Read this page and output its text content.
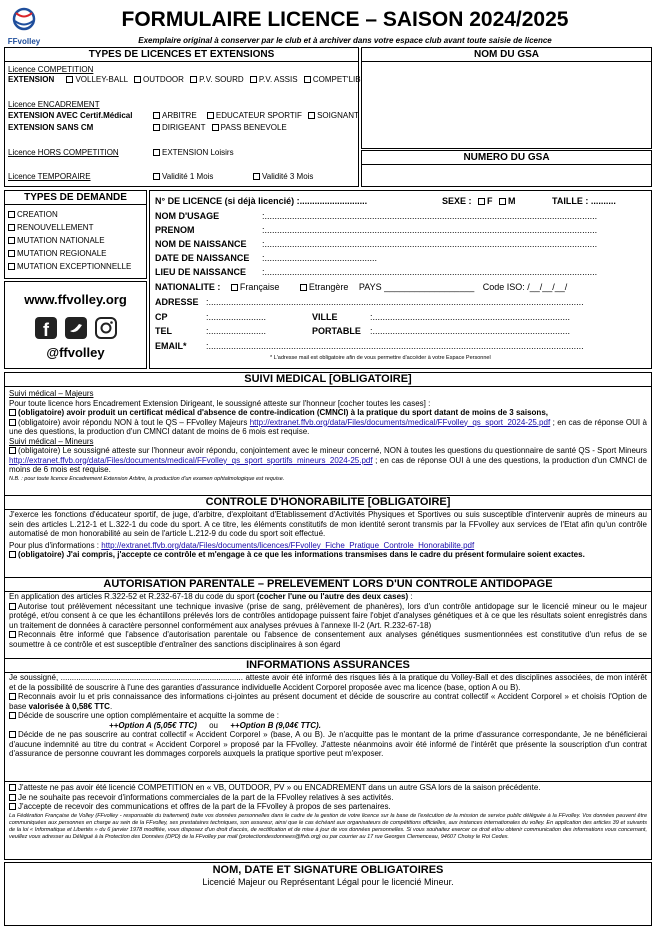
FFvolley
FORMULAIRE LICENCE – SAISON 2024/2025
Exemplaire original à conserver par le club et à archiver dans votre espace club avant toute saisie de licence
TYPES DE LICENCES ET EXTENSIONS
Licence COMPETITION
EXTENSION	VOLLEY-BALL OUTDOOR P.V. SOURD P.V. ASSIS COMPET'LIB
Licence ENCADREMENT
EXTENSION AVEC Certif.Médical	ARBITRE EDUCATEUR SPORTIF SOIGNANT
EXTENSION SANS CM	DIRIGEANT PASS BENEVOLE
Licence HORS COMPETITION	EXTENSION Loisirs
Licence TEMPORAIRE	Validité 1 Mois	Validité 3 Mois
NOM DU GSA
NUMERO DU GSA
TYPES DE DEMANDE
CREATION
RENOUVELLEMENT
MUTATION NATIONALE
MUTATION REGIONALE
MUTATION EXCEPTIONNELLE
www.ffvolley.org
f
@ffvolley
N° DE LICENCE (si déjà licencié) :...........................	SEXE : F M	TAILLE : ..........
NOM D'USAGE	:.....................................................................................................................................
PRENOM	:.....................................................................................................................................
NOM DE NAISSANCE :.....................................................................................................................................
DATE DE NAISSANCE :.............................................
LIEU DE NAISSANCE :.....................................................................................................................................
NATIONALITE : Française	Etrangère PAYS __________________ Code ISO: /__/__/__/
ADRESSE :......................................................................................................................................................
CP	:.......................	VILLE	:...............................................................................
TEL	:.......................	PORTABLE :...............................................................................
EMAIL* :......................................................................................................................................................
* L'adresse mail est obligatoire afin de vous permettre d'accéder à votre Espace Personnel
SUIVI MEDICAL [OBLIGATOIRE]
Suivi médical – Majeurs
Pour toute licence hors Encadrement Extension Dirigeant, le soussigné atteste sur l'honneur [cocher toutes les cases] :
(obligatoire) avoir produit un certificat médical d'absence de contre-indication (CMNCI) à la pratique du sport datant de moins de 3 saisons,
(obligatoire) avoir répondu NON à tout le QS – FFvolley Majeurs http://extranet.ffvb.org/data/Files/documents/medical/FFvolley_qs_sport_2024-25.pdf ; en cas de réponse OUI à une des questions, la production d'un CMNCI datant de moins de 6 mois est requise.
Suivi médical – Mineurs
(obligatoire) Le soussigné atteste sur l'honneur avoir répondu, conjointement avec le mineur concerné, NON à toutes les questions du questionnaire de santé QS - Sport Mineurs http://extranet.ffvb.org/data/Files/documents/medical/FFvolley_qs_sport_sportifs_mineurs_2024-25.pdf ; en cas de réponse OUI à une des questions, la production d'un CMNCI de moins de 6 mois est requise.
N.B. : pour toute licence Encadrement Extension Arbitre, la production d'un examen ophtalmologique est requise.
CONTROLE D'HONORABILITE [OBLIGATOIRE]
J'exerce les fonctions d'éducateur sportif, de juge, d'arbitre, d'exploitant d'Etablissement d'Activités Physiques et Sportives ou suis susceptible d'intervenir auprès de mineurs au sein des articles L.212-1 et L.322-1 du code du sport. A ce titre, les éléments constitutifs de mon identité seront transmis par la FFvolley aux services de l'Etat afin qu'un contrôle automatisé de mon honorabilité au sein de l'article L.212-9 du code du sport soit effectué.
Pour plus d'informations : http://extranet.ffvb.org/data/Files/documents/licences/FFvolley_Fiche_Pratique_Controle_Honorabilite.pdf
(obligatoire) J'ai compris, j'accepte ce contrôle et m'engage à ce que les informations transmises dans le cadre du présent formulaire soient exactes.
AUTORISATION PARENTALE – PRELEVEMENT LORS D'UN CONTROLE ANTIDOPAGE
En application des articles R.322-52 et R.232-67-18 du code du sport (cocher l'une ou l'autre des deux cases) :
Autorise tout prélèvement nécessitant une technique invasive (prise de sang, prélèvement de phanères), lors d'un contrôle antidopage sur le licencié mineur ou le majeur protégé, et/ou consent à ce que les échantillons prélevés lors de contrôles antidopage puissent faire l'objet d'analyses génétiques et à ce que les résultats soient enregistrés dans un traitement de données à caractère personnel conformément aux analyses prévues à l'annexe II-2 (Art. R.232-67-18)
Reconnais être informé que l'absence d'autorisation parentale ou l'absence de consentement aux analyses génétiques susmentionnées est constitutive d'un refus de se soumettre à ce contrôle et est susceptible d'entraîner des sanctions disciplinaires à son égard
INFORMATIONS ASSURANCES
Je soussigné, .................................................................................. atteste avoir été informé des risques liés à la pratique du Volley-Ball et des disciplines associées, de mon intérêt et de la possibilité de souscrire à l'une des garanties d'assurance individuelle Accident Corporel proposée avec ma licence (base, option A ou B).
Reconnais avoir lu et pris connaissance des informations ci-jointes au présent document et décide de souscrire au contrat collectif « Accident Corporel » et choisis l'Option de base valorisée à 0,58€ TTC.
Décide de souscrire une option complémentaire et acquitte la somme de :
++Option A (5,05€ TTC) ou ++Option B (9,04€ TTC).
Décide de ne pas souscrire au contrat collectif « Accident Corporel » (base, A ou B). Je n'acquitte pas le montant de la prime d'assurance correspondante, Je ne bénéficierai d'aucune indemnité au titre du contrat « Accident Corporel » proposé par la FFvolley. J'atteste néanmoins avoir été informé de l'intérêt que présente la souscription d'un contrat d'assurance de personne couvrant les dommages corporels auxquels la pratique sportive peut m'exposer.
J'atteste ne pas avoir été licencié COMPETITION en « VB, OUTDOOR, PV » ou ENCADREMENT dans un autre GSA lors de la saison précédente.
Je ne souhaite pas recevoir d'informations commerciales de la part de la FFvolley relatives à ses activités.
J'accepte de recevoir des communications et offres de la part de la FFvolley à propos de ses partenaires.
La Fédération Française de Volley (FFvolley - responsable du traitement) traite vos données personnelles dans le cadre de la gestion de votre licence sur la base de l'exécution de la mission de service public déléguée à la FFvolley. Vos données peuvent être communiquées aux personnes en charge au sein de la FFvolley, ses prestataires techniques, son assureur, ainsi que le cas échéant aux organisateurs de compétitions officielles, aux instances internationales du volley. En application des articles 39 et suivants de la loi « Informatique et Libertés » du 6 janvier 1978 modifiée, vous disposez d'un droit d'accès, de rectification et de mise à jour de vos données personnelles. Si vous souhaitez exercer ce droit et/ou obtenir communication des informations vous concernant, veuillez vous adresser au Délégué à la Protection des Données (DPD) de la FFvolley par mail (protectiondesdonnees@ffvb.org) ou par courrier au 17 rue Georges Clemenceau, 94607 Choisy le Roi Cedex.
NOM, DATE ET SIGNATURE OBLIGATOIRES
Licencié Majeur ou Représentant Légal pour le licencié Mineur.
